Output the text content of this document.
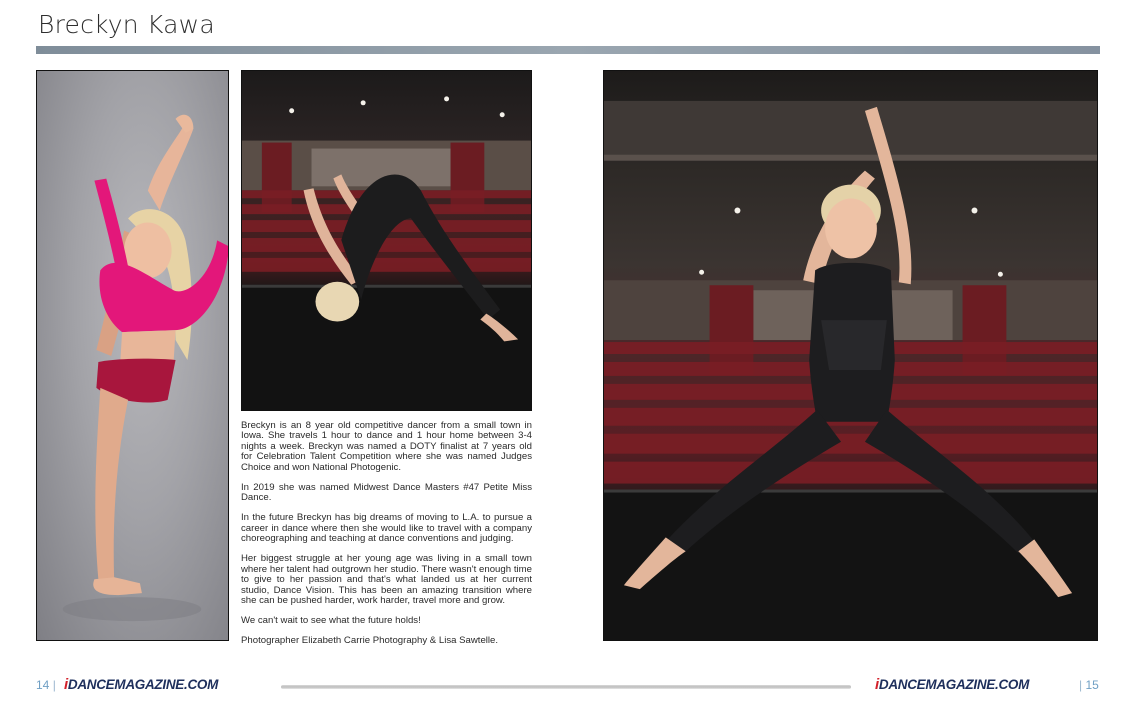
Breckyn Kawa

Breckyn is an 8 year old competitive dancer from a small town in Iowa. She travels 1 hour to dance and 1 hour home between 3-4 nights a week. Breckyn was named a DOTY finalist at 7 years old for Celebration Talent Competition where she was named Judges Choice and won National Photogenic.

In 2019 she was named Midwest Dance Masters #47 Petite Miss Dance.

In the future Breckyn has big dreams of moving to L.A. to pursue a career in dance where then she would like to travel with a company choreographing and teaching at dance conventions and judging.

Her biggest struggle at her young age was living in a small town where her talent had outgrown her studio. There wasn't enough time to give to her passion and that's what landed us at her current studio, Dance Vision. This has been an amazing transition where she can be pushed harder, work harder, travel more and grow.

We can't wait to see what the future holds!

Photographer Elizabeth Carrie Photography & Lisa Sawtelle.

14 | iDANCEMAGAZINE.COM	iDANCEMAGAZINE.COM	| 15
